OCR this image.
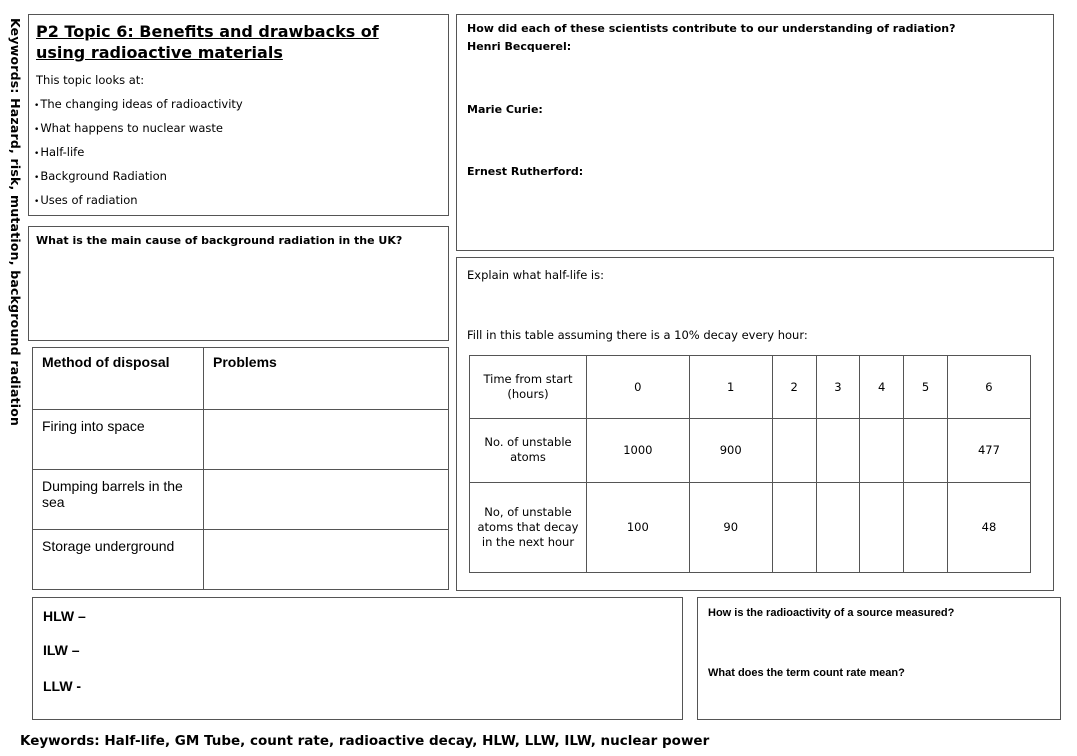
Keywords: Hazard, risk, mutation, background radiation P2 Topic 6: Benefits and drawbacks of using radioactive materials
This topic looks at:
• The changing ideas of radioactivity
• What happens to nuclear waste
• Half-life
• Background Radiation
• Uses of radiation
What is the main cause of background radiation in the UK?
Method of disposal	Problems
Firing into space	
Dumping barrels in the sea	
Storage underground	
HLW –
ILW –
LLW -
How did each of these scientists contribute to our understanding of radiation?
Henri Becquerel:
Marie Curie:
Ernest Rutherford:
Explain what half-life is:
Fill in this table assuming there is a 10% decay every hour:
Time from start (hours)	0	1	2	3	4	5	6
No. of unstable atoms	1000	900					477
No, of unstable atoms that decay in the next hour	100	90					48
How is the radioactivity of a source measured?
What does the term count rate mean?
Keywords: Half-life, GM Tube, count rate, radioactive decay, HLW, LLW, ILW, nuclear power
